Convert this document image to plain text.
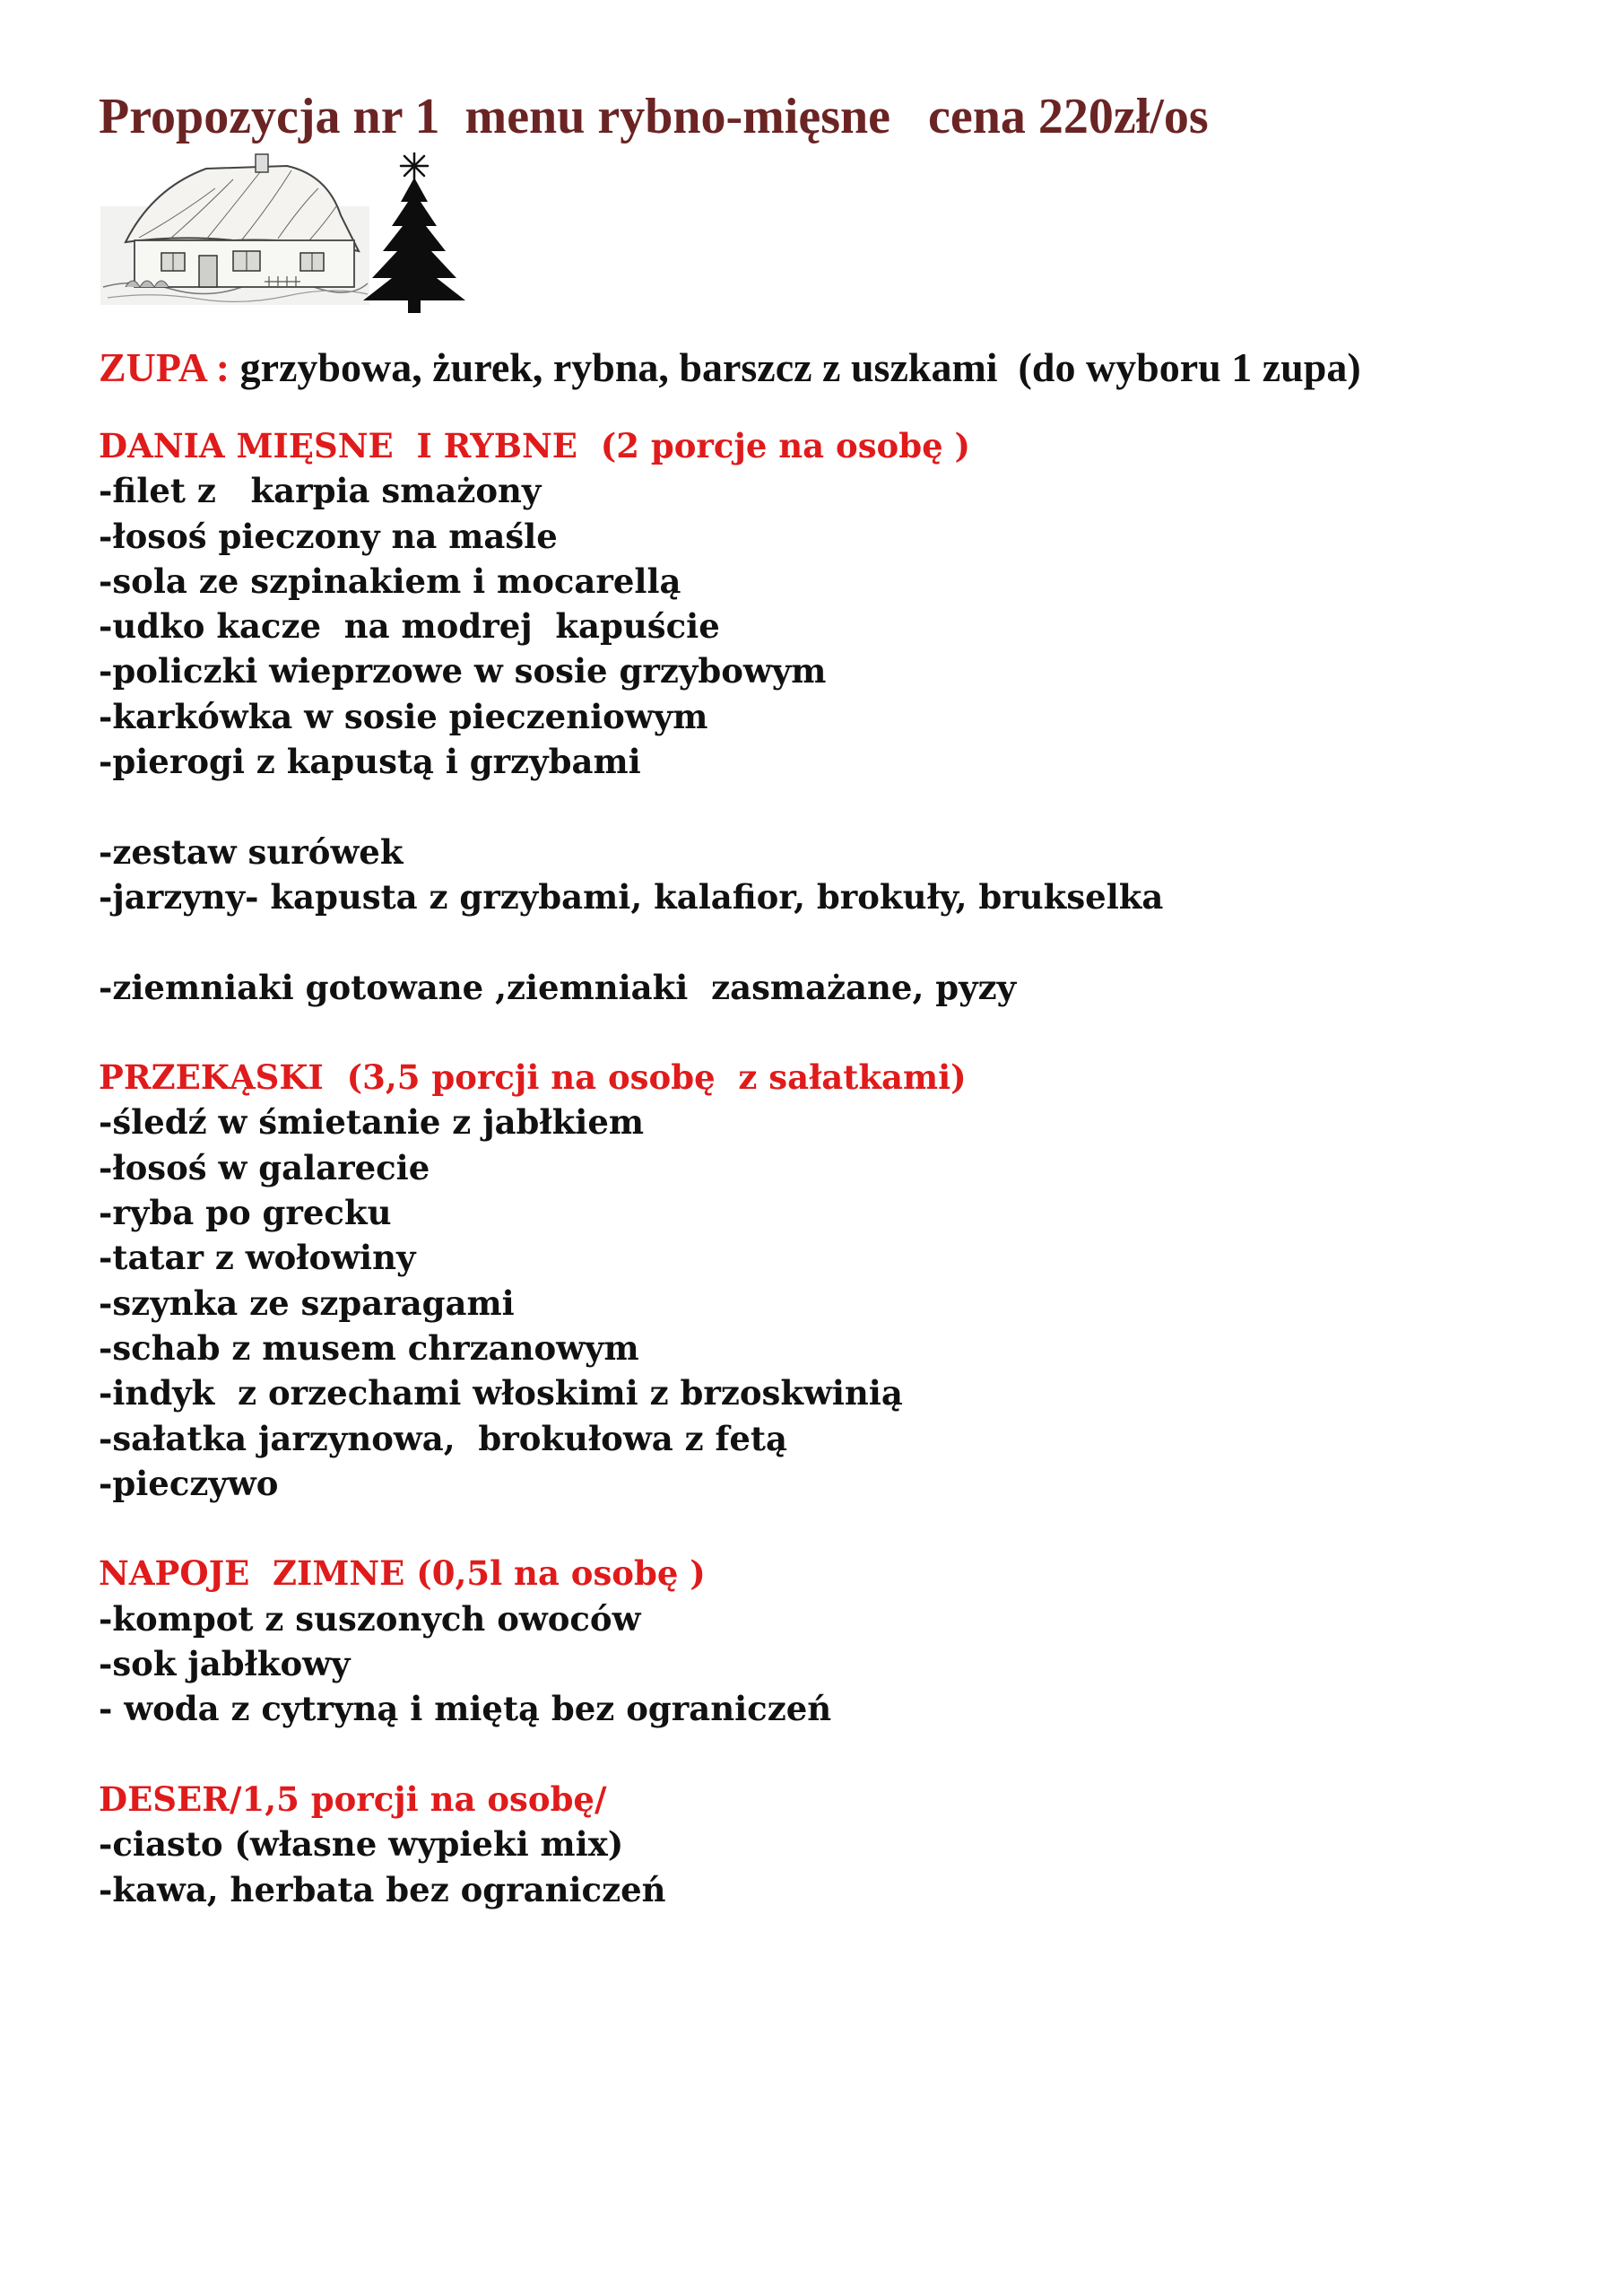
Propozycja nr 1  menu rybno-mięsne   cena 220zł/os

ZUPA : grzybowa, żurek, rybna, barszcz z uszkami  (do wyboru 1 zupa)

DANIA MIĘSNE  I RYBNE  (2 porcje na osobę )

-filet z   karpia smażony

-łosoś pieczony na maśle

-sola ze szpinakiem i mocarellą

-udko kacze  na modrej  kapuście

-policzki wieprzowe w sosie grzybowym

-karkówka w sosie pieczeniowym

-pierogi z kapustą i grzybami

-zestaw surówek

-jarzyny- kapusta z grzybami, kalafior, brokuły, brukselka

-ziemniaki gotowane ,ziemniaki  zasmażane, pyzy

PRZEKĄSKI  (3,5 porcji na osobę  z sałatkami)

-śledź w śmietanie z jabłkiem

-łosoś w galarecie

-ryba po grecku

-tatar z wołowiny

-szynka ze szparagami

-schab z musem chrzanowym

-indyk  z orzechami włoskimi z brzoskwinią

-sałatka jarzynowa,  brokułowa z fetą

-pieczywo

NAPOJE  ZIMNE (0,5l na osobę )

-kompot z suszonych owoców

-sok jabłkowy

- woda z cytryną i miętą bez ograniczeń

DESER/1,5 porcji na osobę/

-ciasto (własne wypieki mix)

-kawa, herbata bez ograniczeń
